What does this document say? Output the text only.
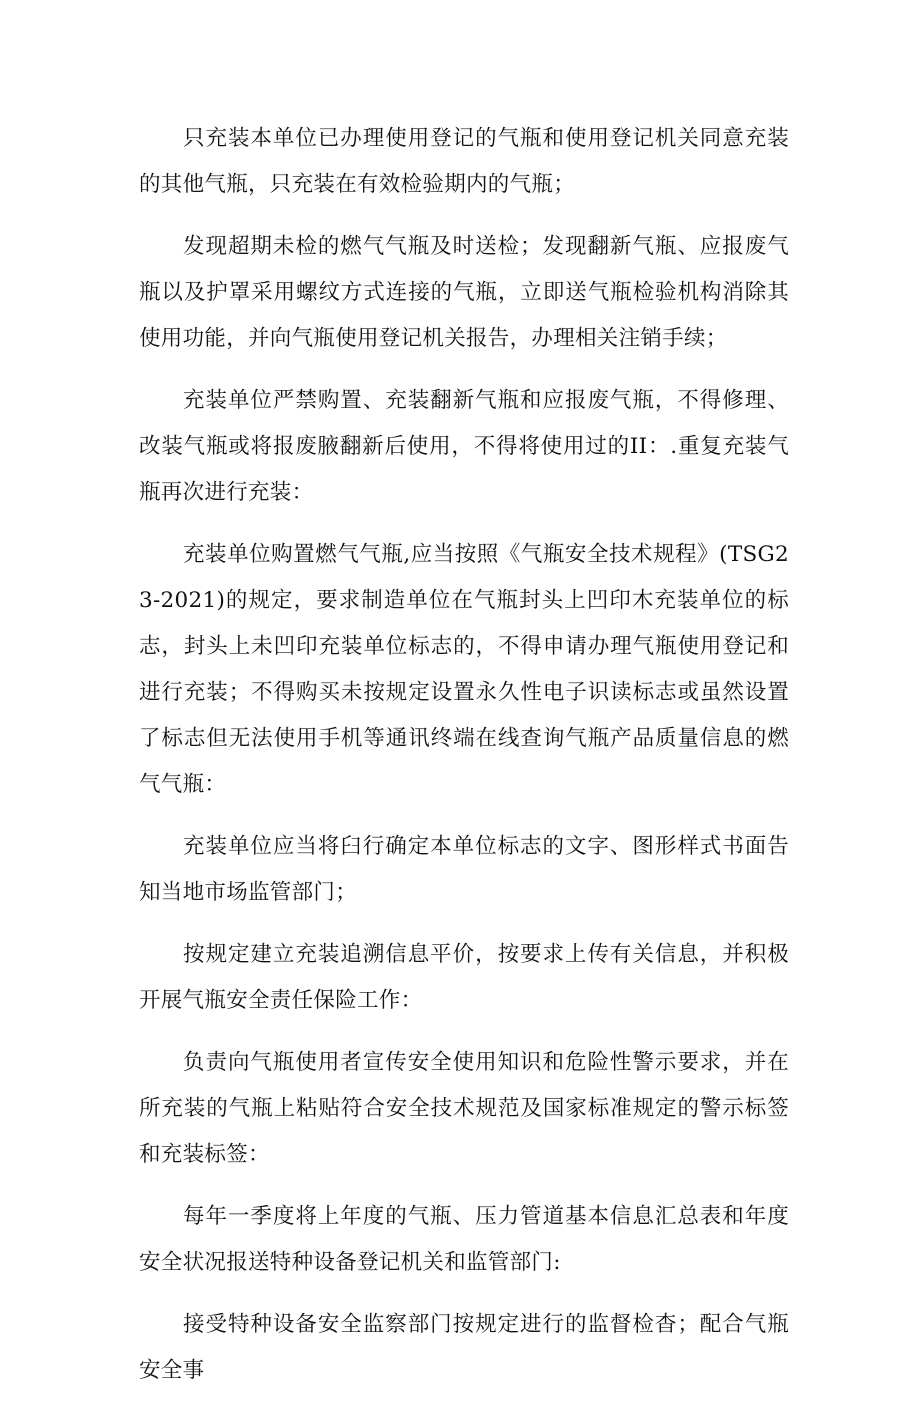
只充装本单位已办理使用登记的气瓶和使用登记机关同意充装的其他气瓶，只充装在有效检验期内的气瓶；

发现超期未检的燃气气瓶及时送检；发现翻新气瓶、应报废气瓶以及护罩采用螺纹方式连接的气瓶，立即送气瓶检验机构消除其使用功能，并向气瓶使用登记机关报告，办理相关注销手续；

充装单位严禁购置、充装翻新气瓶和应报废气瓶，不得修理、改装气瓶或将报废腋翻新后使用，不得将使用过的II：.重复充装气瓶再次进行充装：

充装单位购置燃气气瓶,应当按照《气瓶安全技术规程》(TSG23-2021)的规定，要求制造单位在气瓶封头上凹印木充装单位的标志，封头上未凹印充装单位标志的，不得申请办理气瓶使用登记和进行充装；不得购买未按规定设置永久性电子识读标志或虽然设置了标志但无法使用手机等通讯终端在线查询气瓶产品质量信息的燃气气瓶：

充装单位应当将臼行确定本单位标志的文字、图形样式书面告知当地市场监管部门；

按规定建立充装追溯信息平价，按要求上传有关信息，并积极开展气瓶安全责任保险工作：

负责向气瓶使用者宣传安全使用知识和危险性警示要求，并在所充装的气瓶上粘贴符合安全技术规范及国家标准规定的警示标签和充装标签：

每年一季度将上年度的气瓶、压力管道基本信息汇总表和年度安全状况报送特种设备登记机关和监管部门:

接受特种设备安全监察部门按规定进行的监督检杳；配合气瓶安全事
